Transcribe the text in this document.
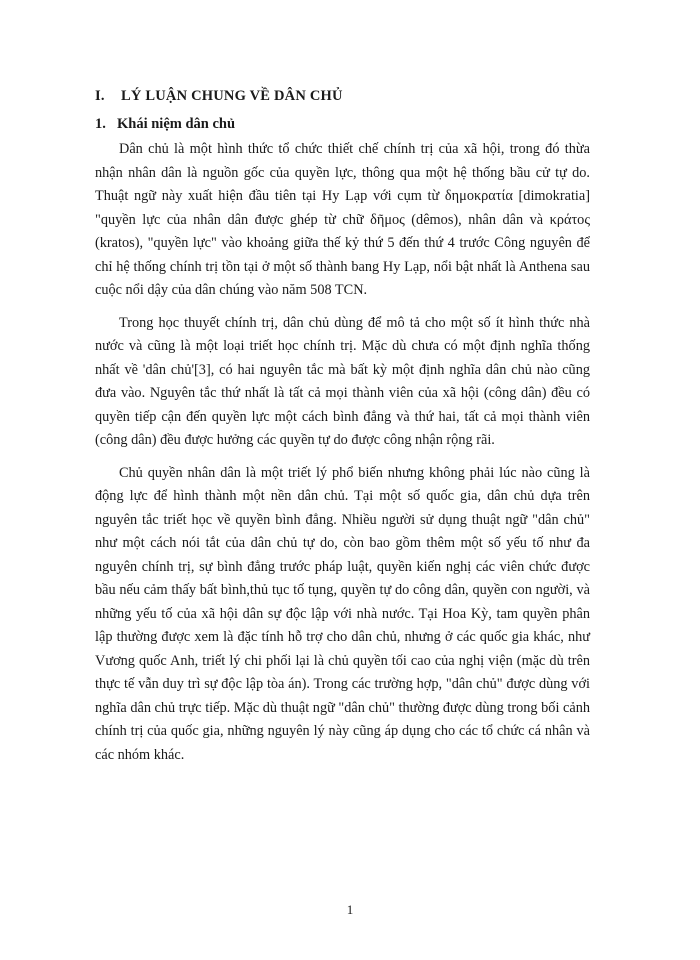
I. LÝ LUẬN CHUNG VỀ DÂN CHỦ
1. Khái niệm dân chủ

Dân chủ là một hình thức tổ chức thiết chế chính trị của xã hội, trong đó thừa nhận nhân dân là nguồn gốc của quyền lực, thông qua một hệ thống bầu cử tự do. Thuật ngữ này xuất hiện đầu tiên tại Hy Lạp với cụm từ δημοκρατία [dimokratia] "quyền lực của nhân dân được ghép từ chữ δῆμος (dêmos), nhân dân và κράτος (kratos), "quyền lực" vào khoảng giữa thế kỷ thứ 5 đến thứ 4 trước Công nguyên để chỉ hệ thống chính trị tồn tại ở một số thành bang Hy Lạp, nổi bật nhất là Anthena sau cuộc nổi dậy của dân chúng vào năm 508 TCN.

Trong học thuyết chính trị, dân chủ dùng để mô tả cho một số ít hình thức nhà nước và cũng là một loại triết học chính trị. Mặc dù chưa có một định nghĩa thống nhất về 'dân chủ'[3], có hai nguyên tắc mà bất kỳ một định nghĩa dân chủ nào cũng đưa vào. Nguyên tắc thứ nhất là tất cả mọi thành viên của xã hội (công dân) đều có quyền tiếp cận đến quyền lực một cách bình đẳng và thứ hai, tất cả mọi thành viên (công dân) đều được hưởng các quyền tự do được công nhận rộng rãi.

Chủ quyền nhân dân là một triết lý phổ biến nhưng không phải lúc nào cũng là động lực để hình thành một nền dân chủ. Tại một số quốc gia, dân chủ dựa trên nguyên tắc triết học về quyền bình đẳng. Nhiều người sử dụng thuật ngữ "dân chủ" như một cách nói tắt của dân chủ tự do, còn bao gồm thêm một số yếu tố như đa nguyên chính trị, sự bình đẳng trước pháp luật, quyền kiến nghị các viên chức được bầu nếu cảm thấy bất bình,thủ tục tố tụng, quyền tự do công dân, quyền con người, và những yếu tố của xã hội dân sự độc lập với nhà nước. Tại Hoa Kỳ, tam quyền phân lập thường được xem là đặc tính hỗ trợ cho dân chủ, nhưng ở các quốc gia khác, như Vương quốc Anh, triết lý chi phối lại là chủ quyền tối cao của nghị viện (mặc dù trên thực tế vẫn duy trì sự độc lập tòa án). Trong các trường hợp, "dân chủ" được dùng với nghĩa dân chủ trực tiếp. Mặc dù thuật ngữ "dân chủ" thường được dùng trong bối cảnh chính trị của quốc gia, những nguyên lý này cũng áp dụng cho các tổ chức cá nhân và các nhóm khác.

1
